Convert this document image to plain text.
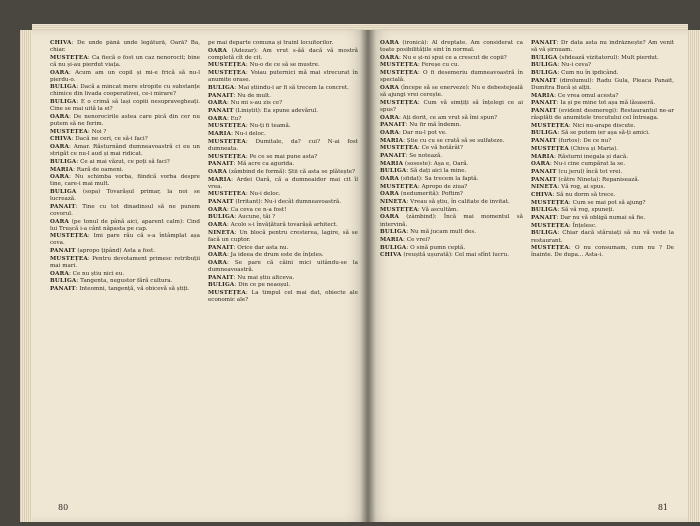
CHIVA: De unde până unde legătură, Oară? Ba, chiar.

MUSTEȚEA: Ca fiecă o fost un caz nenorocit; bine că nu și-au pierdut viața.

OARA: Acum am un copil și mi-e frică să nu-l pierdu-o.

BULIGA: Dacă a mincat mere stropite cu substanțe chimice din livada cooperativei, ce-i mirare?

BULIGA: E o crimă să lași copiii nesupravegheați. Cine se mai uită la ei?

OARA: De nenorocirile astea care pică din cer nu putem să ne ferim.

MUSTEȚEA: Noi ?

CHIVA: Dacă ne ceri, ce să-i faci?

OARA: Amar. Răsturnând dumneavoastră ci eu un strigăt ce nu-l aud și mai ridicat.

BULIGA: Ce ai mai văzut, ce poți să faci?

MARIA: Rară de oameni.

OARA: Nu schimba vorba, fiindcă vorba despre tine, care-i mai mult.

BULIGA (sopa) Tovarășul primar, la noi se lucrează.

PANAIT: Tine cu tot dinadinsul să ne punem covorul.

OARA (pe tonul de până aici, aparent calm): Cind lui Trușcă i-a cânt năpasta pe cap.

MUSTEȚEA: Imi pare rău că s-a întâmplat așa ceva.

PANAIT (apropo țipând) Asta a fost.

MUSTEȚEA: Pentru devotament primesc retribuții mai mari.

OARA: Ce nu știu nici eu.

BULIGA: Tangenta, negustor fără cultura.

PANAIT: Inteomni, tangență, vă obicevă să știți.

pe mai departe comuna și trainl locuitorilor.

OARA (Adezar): Am vrut s-ăă dacă vă mostră completă cît de cit.

MUSTEȚEA: Nu-o de ce să se mustre.

MUSTEȚEA: Voiau puternici mă mai strecurat în anumite orase.

BULIGA: Mai știindu-i ar fi să trecem la concret.

PANAIT: Nu de mult.

OARA: Nu mi s-au zis ce?

PANAIT (Liniștit): Ea spune adevărul.

OARA: Eu?

MUSTEȚEA: Nu-ți fi teamă.

MARIA: Nu-i deloc.

MUSTEȚEA: Dumitale, da? cui? N-ai fost dumneata.

MUSTEȚEA: Pe ce se mai pune asta?

PANAIT: Mă acre ca agurida.

OARA (zâmbind de formă): Știi că asta se plătește?

MARIA: Ardei Oară, că a dumneaidor mai cit îl vrea.

MUSTEȚEA: Nu-i deloc.

PANAIT (Irritant): Nu-i decât dumneavoastră.

OARA: Ca ceva ce n-a fost!

BULIGA: Aucune, tăi ?

OARA: Acolo s-i învățătură tovarășă arhitect.

NINETA: Un blocă pentru cresterea, lagire, să se facă un cuptor.

PANAIT: Orice dar asta nu.

OARA: Ja ideea de drum este de înțeles.

OARA: Se pare că câini mici uitându-se la dumneavoastră.

PANAIT: Nu mai știu altceva.

BULIGA: Din ce pe neaoșul.

MUSTEȚEA: La timpul cel mai dat, obiecte ale economic ale?

80

OARA (ironică): Al dreptate. Am considerat ca toate posibilitățile sint în normal.

OARA: Nu e și-ni spui ce a crescut de copii?

MUSTEȚEA: Fereșe cu cu.

MUSTEȚEA: O fi desemeriu dumneavoastră în specială.

OARA (începe să se enerveze): Nu e debestejeală să ajungi vrei cerește.

MUSTEȚEA: Cum vă simțiți să înțelegi ce ai spus?

OARA: Ați dorit, ce am vrut să îmi spun?

PANAIT: Nu fir mă îndemn.

OARA: Dar nu-l pot ve.

MARIA: Știe cu cu se crată să se sulfateze.

MUSTEȚEA: Ce vă hotărât?

PANAIT: Se notează.

MARIA (soseste): Așa e, Oară.

BULIGA: Să dați aici la mine.

OARA (sfidat): Sa trecem la faptă.

MUSTEȚEA: Apropo de ziua?

OARA (nedumerită): Poftim?

NINETA: Vreau să știu, în calitate de invitat.

MUSTEȚEA: Vă ascultăm.

OARA (zâmbind): Încă mai momentul să intervină.

BULIGA: Nu mă jucam mult des.

MARIA: Ce vrei?

BULIGA: O sină pumn ceptă.

CHIVA (reușită ușurată): Cel mai sfînt lucru.

PANAIT: Dr data asta nu îndrăznește? Am venit să vă șirnuam.

BULIGA (sfidează vizitatorul): Mult pierdut.

BULIGA: Nu-i ceva?

BULIGA: Cum nu în ipdicând.

PANAIT (dirolumul): Radu Gula, Pleaca Panait, Dumitra Bucă și alții.

MARIA: Ce vrea omul acesta?

PANAIT: Ia și pe mine tot așa mă lăsaseră.

PANAIT (evident desmeregi): Restaurantul ne-ar răsplăti de anumitele trecutului cel întreaga.

MUSTEȚEA: Nici nu-arape discute.

BULIGA: Să se putem ier așa să-ți amici.

PANAIT (furtos): De ce nu?

MUSTEȚEA (Chiva și Maria).

MARIA: Răsturni inegala și dacă.

OARA: Nu-i cine cumpărat la se.

PANAIT (cu jerul) încă tot vrei.

PANAIT (către Nineta): Repanisează.

NINETA: Vă rog, ai spus.

CHIVA: Să nu dorm să trece.

MUSTEȚEA: Cum se mai pot să ajung?

BULIGA: Să vă rog, spuneți.

PANAIT: Dar nu vă obligă numai să fie.

MUSTEȚEA: Înțelesc.

BULIGA: Chiar dacă stăruiați să nu vă vede la restaurant.

MUSTEȚEA: O nu consumam, cum nu ? De înainte. De dupa... Asta-i.

81
